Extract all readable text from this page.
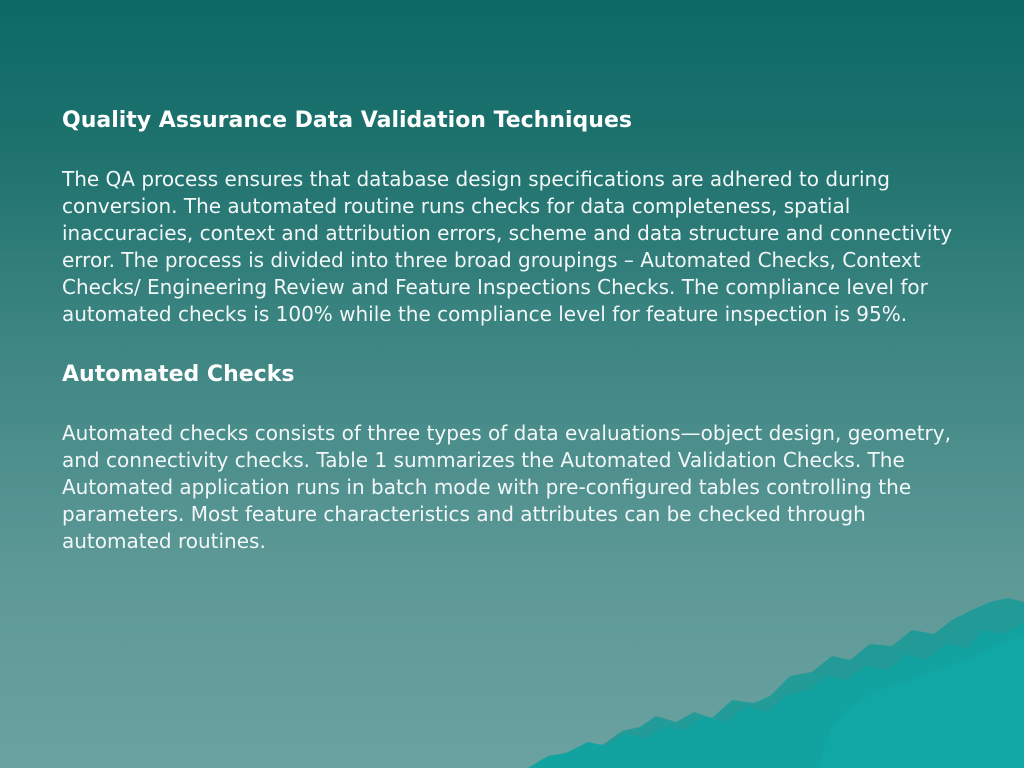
Quality Assurance Data Validation Techniques

The QA process ensures that database design specifications are adhered to during conversion. The automated routine runs checks for data completeness, spatial inaccuracies, context and attribution errors, scheme and data structure and connectivity error. The process is divided into three broad groupings – Automated Checks, Context Checks/ Engineering Review and Feature Inspections Checks. The compliance level for automated checks is 100% while the compliance level for feature inspection is 95%.

Automated Checks

Automated checks consists of three types of data evaluations—object design, geometry, and connectivity checks. Table 1 summarizes the Automated Validation Checks. The Automated application runs in batch mode with pre-configured tables controlling the parameters. Most feature characteristics and attributes can be checked through automated routines.
